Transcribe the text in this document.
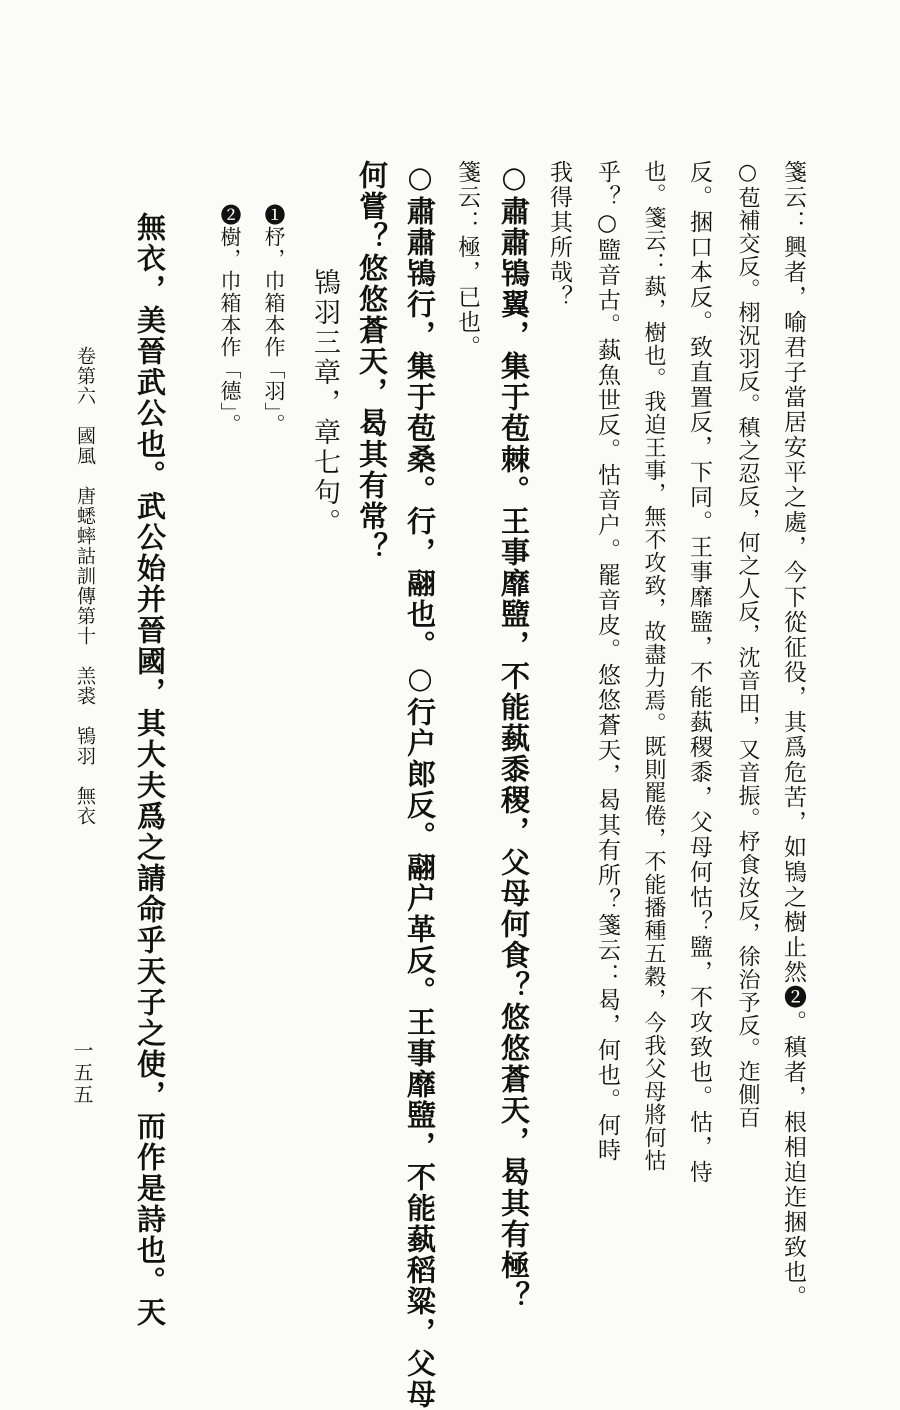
箋云：興者，喻君子當居安平之處，今下從征役，其爲危苦，如鴇之樹止然❷。稹者，根相迫迮捆致也。
○苞補交反。栩況羽反。稹之忍反，何之人反，沈音田，又音振。杼食汝反，徐治予反。迮側百
反。捆口本反。致直置反，下同。王事靡盬，不能蓺稷黍，父母何怙？盬，不攻致也。怙，恃
也。箋云：蓺，樹也。我迫王事，無不攻致，故盡力焉。既則罷倦，不能播種五穀，今我父母將何怙
乎？○盬音古。蓺魚世反。怙音户。罷音皮。悠悠蒼天，曷其有所？箋云：曷，何也。何時
我得其所哉？
○肅肅鴇翼，集于苞棘。王事靡盬，不能蓺黍稷，父母何食？悠悠蒼天，曷其有極？
箋云：極，已也。
○肅肅鴇行，集于苞桑。行，翮也。○行户郎反。翮户革反。王事靡盬，不能蓺稻粱，父母
何嘗？悠悠蒼天，曷其有常？
鴇羽三章，章七句。
❶杼，巾箱本作「羽」。
❷樹，巾箱本作「德」。
無衣，美晉武公也。武公始并晉國，其大夫爲之請命乎天子之使，而作是詩也。天
卷第六　國風　唐蟋蟀詁訓傳第十　羔裘　鴇羽　無衣
一五五
